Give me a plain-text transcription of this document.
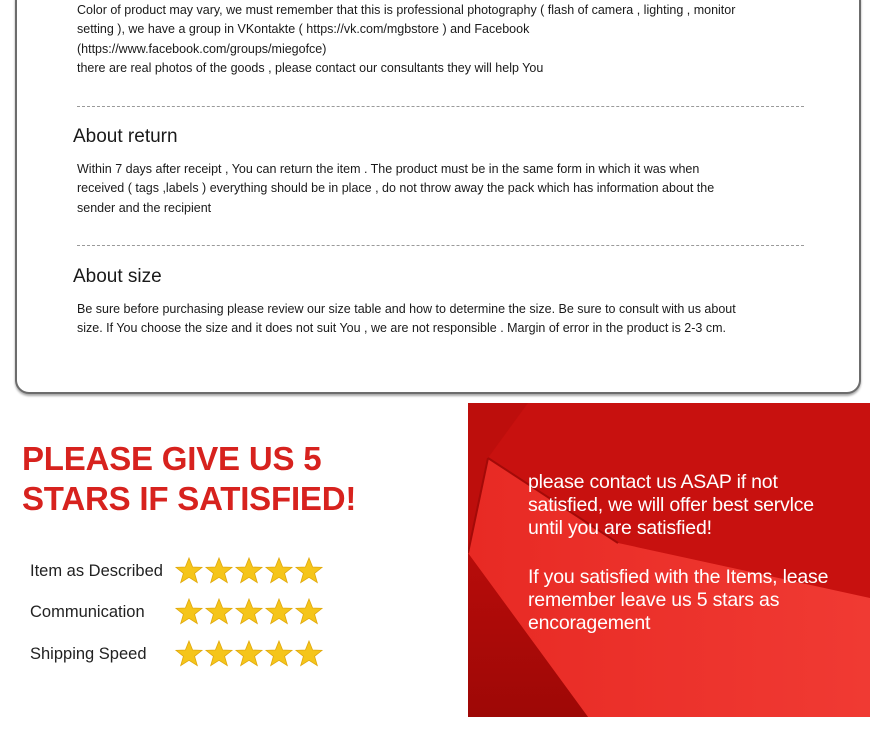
Color of product may vary, we must remember that this is professional photography ( flash of camera , lighting , monitor
setting ), we have a group in VKontakte ( https://vk.com/mgbstore ) and Facebook
(https://www.facebook.com/groups/miegofce)
there are real photos of the goods , please contact our consultants they will help You

About return

Within 7 days after receipt , You can return the item . The product must be in the same form in which it was when
received ( tags ,labels ) everything should be in place , do not throw away the pack which has information about the
sender and the recipient

About size

Be sure before purchasing please review our size table and how to determine the size. Be sure to consult with us about
size. If You choose the size and it does not suit You , we are not responsible . Margin of error in the product is 2-3 cm.

PLEASE GIVE US 5
STARS IF SATISFIED!
Item as Described
Communication
Shipping Speed

please contact us ASAP if not
satisfied, we will offer best servlce
until you are satisfied!

If you satisfied with the Items, lease
remember leave us 5 stars as
encoragement
